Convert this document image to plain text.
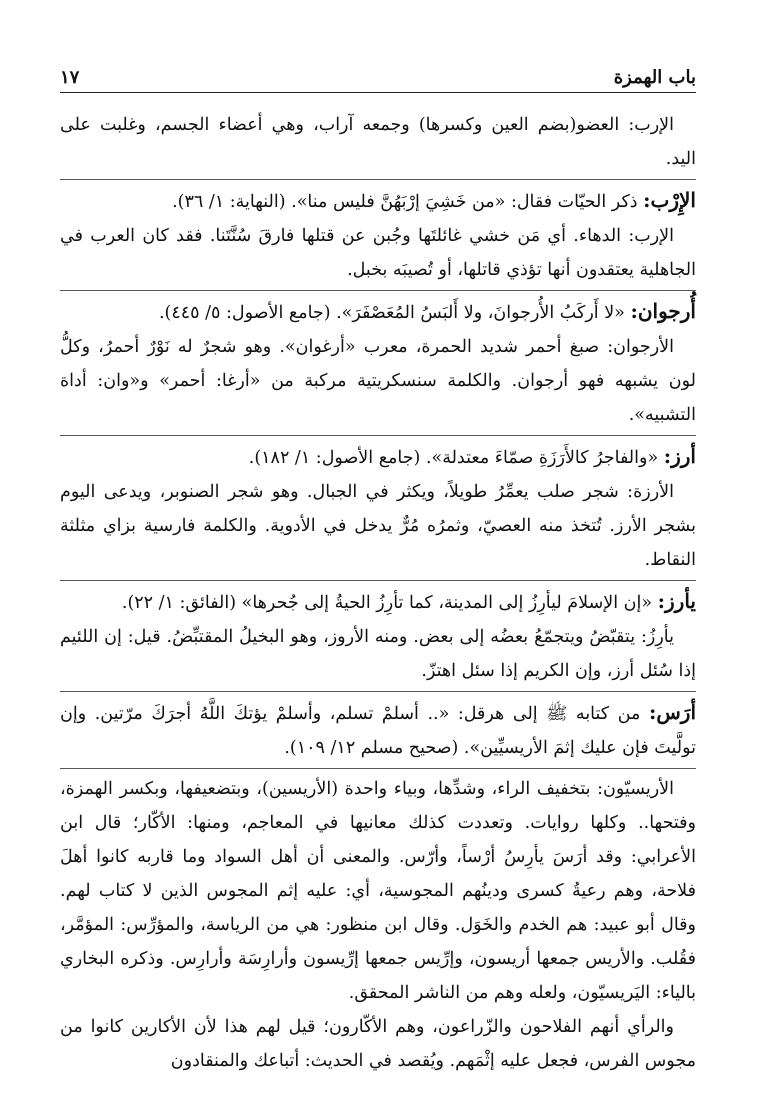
باب الهمزة
١٧

الإرب: العضو(بضم العين وكسرها) وجمعه آراب، وهي أعضاء الجسم، وغلبت على اليد.

الإِرْب: ذكر الحيّات فقال: «من خَشِيَ إرْبَهُنَّ فليس منا». (النهاية: ١/ ٣٦).

الإرب: الدهاء. أي مَن خشي غائلتَها وجُبن عن قتلها فارقَ سُنَّتَنا. فقد كان العرب في الجاهلية يعتقدون أنها تؤذي قاتلها، أو تُصيبَه بخبل.

أُرجوان: «لا أَركَبُ الأُرجوانَ، ولا أَلبَسُ المُعَصْفَرَ». (جامع الأصول: ٥/ ٤٤٥).

الأرجوان: صبغ أحمر شديد الحمرة، معرب «أرغوان». وهو شجرٌ له نَوْرٌ أحمرُ، وكلُّ لون يشبهه فهو أرجوان. والكلمة سنسكريتية مركبة من «أرغا: أحمر» و«وان: أداة التشبيه».

أرز: «والفاجرُ كالأَرَزَةِ صمّاءَ معتدلة». (جامع الأصول: ١/ ١٨٢).

الأرزة: شجر صلب يعمِّرُ طويلاً، ويكثر في الجبال. وهو شجر الصنوبر، ويدعى اليوم بشجر الأرز. تُتخذ منه العصيّ، وثمرُه مُرٌّ يدخل في الأدوية. والكلمة فارسية بزاي مثلثة النقاط.

يأرز: «إن الإسلامَ ليأرِزُ إلى المدينة، كما تأرِزُ الحيةُ إلى جُحرها» (الفائق: ١/ ٢٢).

يأرِزُ: يتقبّضُ ويتجمّعُ بعضُه إلى بعض. ومنه الأروز، وهو البخيلُ المقتبِّضُ. قيل: إن اللئيم إذا سُئل أرز، وإن الكريم إذا سئل اهتزّ.

أرَس: من كتابه ﷺ إلى هرقل: «.. أسلمْ تسلم، وأسلمْ يؤتكَ اللَّهُ أجرَكَ مرّتين. وإن تولَّيتَ فإن عليك إثمَ الأريسيِّين». (صحيح مسلم ١٢/ ١٠٩).

الأريسيّون: بتخفيف الراء، وشدِّها، وبياء واحدة (الأريسين)، وبتضعيفها، وبكسر الهمزة، وفتحها.. وكلها روايات. وتعددت كذلك معانيها في المعاجم، ومنها: الأكّار؛ قال ابن الأعرابي: وقد أرَسَ يأرِسُ أرْساً، وأرّس. والمعنى أن أهل السواد وما قاربه كانوا أهلَ فلاحة، وهم رعيةُ كسرى ودينُهم المجوسية، أي: عليه إثم المجوس الذين لا كتاب لهم. وقال أبو عبيد: هم الخدم والخَوَل. وقال ابن منظور: هي من الرياسة، والمؤرِّس: المؤمَّر، فقُلب. والأريس جمعها أريسون، وإرِّيس جمعها إرِّيسون وأرارِسَة وأرارِس. وذكره البخاري بالياء: اليَريسيّون، ولعله وهم من الناشر المحقق.

والرأي أنهم الفلاحون والزّراعون، وهم الأكّارون؛ قيل لهم هذا لأن الأكارين كانوا من مجوس الفرس، فجعل عليه إثْمَهم. ويُقصد في الحديث: أتباعك والمنقادون
